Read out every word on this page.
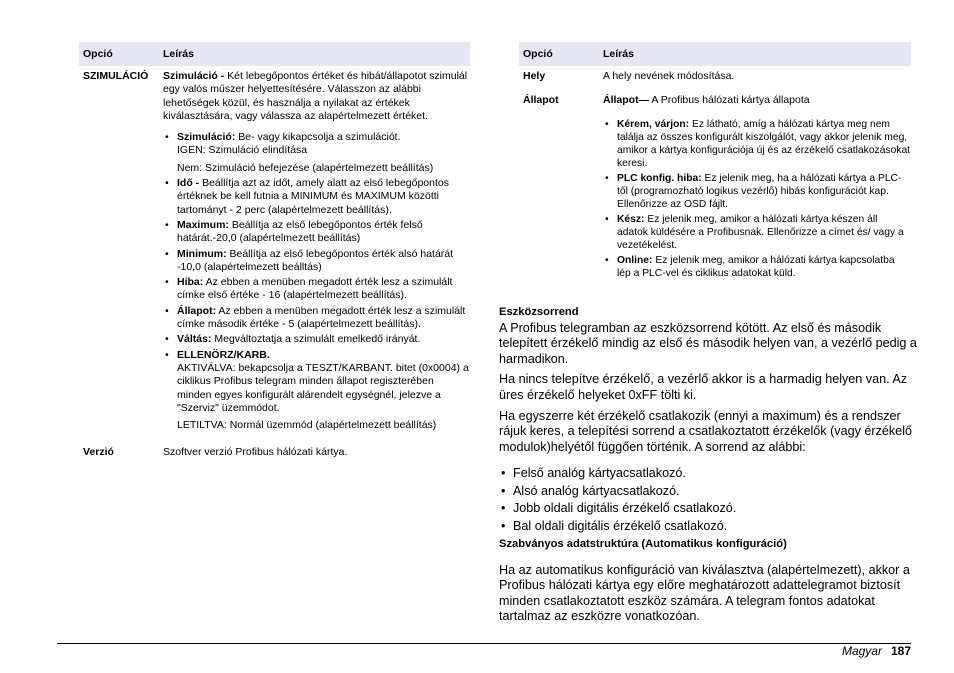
Opció	Leírás
SZIMULÁCIÓ	Szimuláció - Két lebegőpontos értéket és hibát/állapotot szimulál egy valós műszer helyettesítésére. Válasszon az alábbi lehetőségek közül, és használja a nyilakat az értékek kiválasztására, vagy válassza az alapértelmezett értéket.

• Szimuláció: Be- vagy kikapcsolja a szimulációt.
IGEN: Szimuláció elindítása

Nem: Szimuláció befejezése (alapértelmezett beállítás)

• Idő - Beállítja azt az időt, amely alatt az első lebegőpontos értéknek be kell futnia a MINIMUM és MAXIMUM közötti tartományt - 2 perc (alapértelmezett beállítás).
• Maximum: Beállítja az első lebegőpontos érték felső határát.-20,0 (alapértelmezett beállítás)
• Minimum: Beállítja az első lebegőpontos érték alsó határát -10,0 (alapértelmezett beálltás)
• Hiba: Az ebben a menüben megadott érték lesz a szimulált címke első értéke - 16 (alapértelmezett beállítás).
• Állapot: Az ebben a menüben megadott érték lesz a szimulált címke második értéke - 5 (alapértelmezett beállítás).
• Váltás: Megváltoztatja a szimulált emelkedő irányát.
• ELLENÖRZ/KARB.
AKTIVÁLVA: bekapcsolja a TESZT/KARBANT. bitet (0x0004) a ciklikus Profibus telegram minden állapot regiszterében minden egyes konfigurált alárendelt egységnél, jelezve a "Szerviz" üzemmódot.

LETILTVA: Normál üzemmód (alapértelmezett beállítás)

Verzió	Szoftver verzió Profibus hálózati kártya.
Opció	Leírás
Hely	A hely nevének módosítása.
Állapot	Állapot— A Profibus hálózati kártya állapota

• Kérem, várjon: Ez látható, amíg a hálózati kártya meg nem találja az összes konfigurált kiszolgálót, vagy akkor jelenik meg, amikor a kártya konfigurációja új és az érzékelő csatlakozásokat keresi.
• PLC konfig. hiba: Ez jelenik meg, ha a hálózati kártya a PLC-től (programozható logikus vezérlő) hibás konfigurációt kap. Ellenőrizze az OSD fájlt.
• Kész: Ez jelenik meg, amikor a hálózati kártya készen áll adatok küldésére a Profibusnak. Ellenőrizze a címet és/ vagy a vezetékelést.
• Online: Ez jelenik meg, amikor a hálózati kártya kapcsolatba lép a PLC-vel és ciklikus adatokat küld.
Eszközsorrend

A Profibus telegramban az eszközsorrend kötött. Az első és második telepített érzékelő mindig az első és második helyen van, a vezérlő pedig a harmadikon.

Ha nincs telepítve érzékelő, a vezérlő akkor is a harmadig helyen van. Az üres érzékelő helyeket 0xFF tölti ki.

Ha egyszerre két érzékelő csatlakozik (ennyi a maximum) és a rendszer rájuk keres, a telepítési sorrend a csatlakoztatott érzékelők (vagy érzékelő modulok)helyétől függően történik. A sorrend az alábbi:

• Felső analóg kártyacsatlakozó.
• Alsó analóg kártyacsatlakozó.
• Jobb oldali digitális érzékelő csatlakozó.
• Bal oldali digitális érzékelő csatlakozó.
Szabványos adatstruktúra (Automatikus konfiguráció)

Ha az automatikus konfiguráció van kiválasztva (alapértelmezett), akkor a Profibus hálózati kártya egy előre meghatározott adattelegramot biztosít minden csatlakoztatott eszköz számára. A telegram fontos adatokat tartalmaz az eszközre vonatkozóan.

Magyar 187
